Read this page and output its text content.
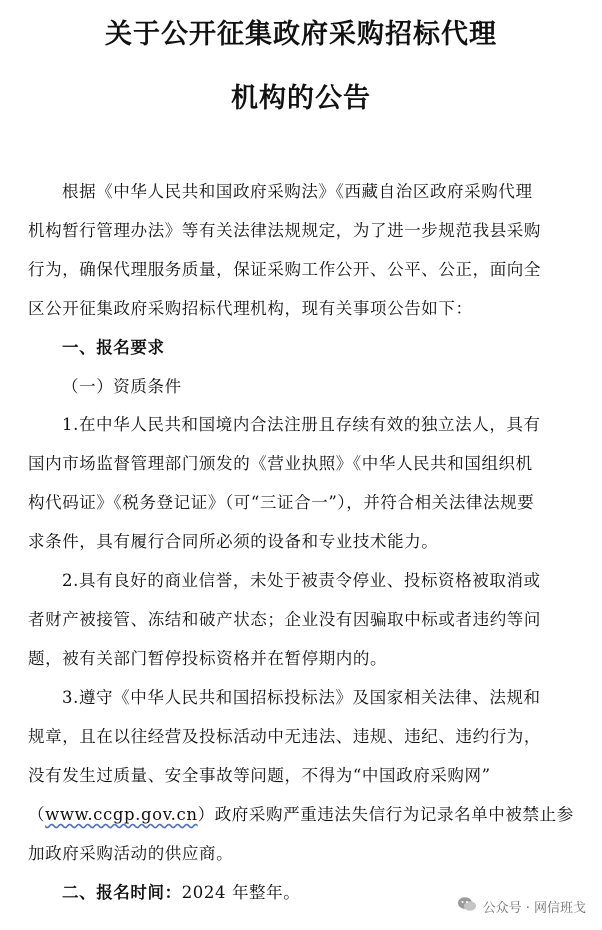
关于公开征集政府采购招标代理
机构的公告
根据《中华人民共和国政府采购法》《西藏自治区政府采购代理
机构暂行管理办法》等有关法律法规规定，为了进一步规范我县采购
行为，确保代理服务质量，保证采购工作公开、公平、公正，面向全
区公开征集政府采购招标代理机构，现有关事项公告如下：
一、报名要求
（一）资质条件
1.在中华人民共和国境内合法注册且存续有效的独立法人，具有
国内市场监督管理部门颁发的《营业执照》《中华人民共和国组织机
构代码证》《税务登记证》（可“三证合一”），并符合相关法律法规要
求条件，具有履行合同所必须的设备和专业技术能力。
2.具有良好的商业信誉，未处于被责令停业、投标资格被取消或
者财产被接管、冻结和破产状态；企业没有因骗取中标或者违约等问
题，被有关部门暂停投标资格并在暂停期内的。
3.遵守《中华人民共和国招标投标法》及国家相关法律、法规和
规章，且在以往经营及投标活动中无违法、违规、违纪、违约行为，
没有发生过质量、安全事故等问题，不得为“中国政府采购网”
（www.ccgp.gov.cn）政府采购严重违法失信行为记录名单中被禁止参
加政府采购活动的供应商。
二、报名时间：2024 年整年。
公众号 · 网信班戈
